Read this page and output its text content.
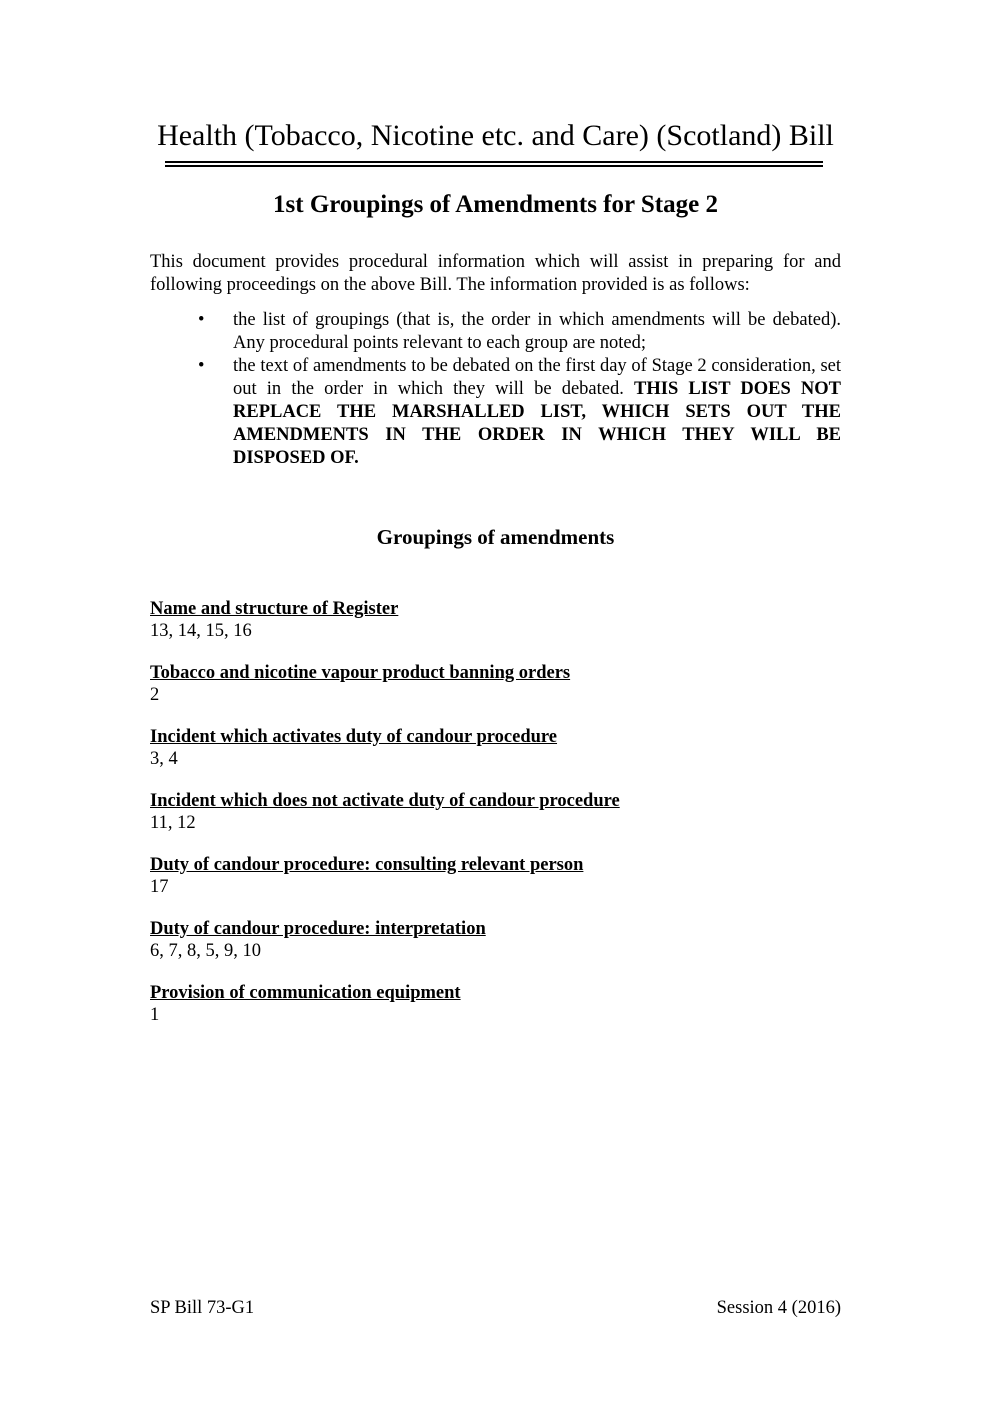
Health (Tobacco, Nicotine etc. and Care) (Scotland) Bill
1st Groupings of Amendments for Stage 2
This document provides procedural information which will assist in preparing for and following proceedings on the above Bill. The information provided is as follows:
• the list of groupings (that is, the order in which amendments will be debated). Any procedural points relevant to each group are noted;
• the text of amendments to be debated on the first day of Stage 2 consideration, set out in the order in which they will be debated. THIS LIST DOES NOT REPLACE THE MARSHALLED LIST, WHICH SETS OUT THE AMENDMENTS IN THE ORDER IN WHICH THEY WILL BE DISPOSED OF.
Groupings of amendments
Name and structure of Register
13, 14, 15, 16
Tobacco and nicotine vapour product banning orders
2
Incident which activates duty of candour procedure
3, 4
Incident which does not activate duty of candour procedure
11, 12
Duty of candour procedure: consulting relevant person
17
Duty of candour procedure: interpretation
6, 7, 8, 5, 9, 10
Provision of communication equipment
1
SP Bill 73-G1	Session 4 (2016)
